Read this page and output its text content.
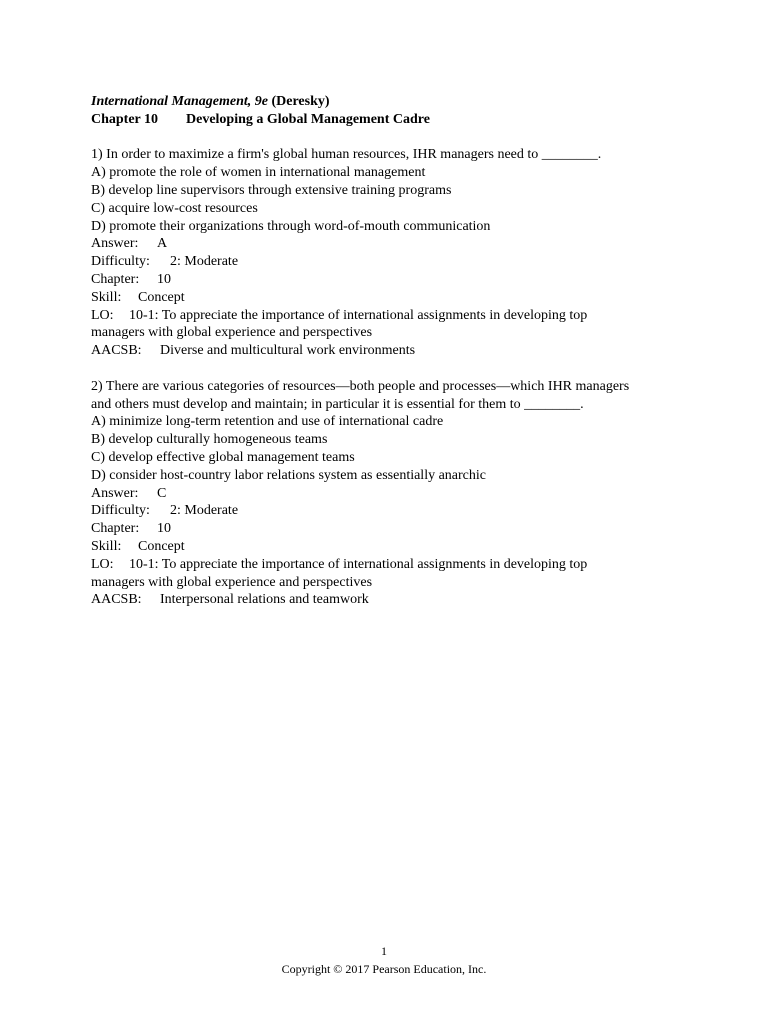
International Management, 9e (Deresky)
Chapter 10 Developing a Global Management Cadre
1) In order to maximize a firm's global human resources, IHR managers need to ________.
A) promote the role of women in international management
B) develop line supervisors through extensive training programs
C) acquire low-cost resources
D) promote their organizations through word-of-mouth communication
Answer: A
Difficulty: 2: Moderate
Chapter: 10
Skill: Concept
LO: 10-1: To appreciate the importance of international assignments in developing top
managers with global experience and perspectives
AACSB: Diverse and multicultural work environments
2) There are various categories of resources—both people and processes—which IHR managers
and others must develop and maintain; in particular it is essential for them to ________.
A) minimize long-term retention and use of international cadre
B) develop culturally homogeneous teams
C) develop effective global management teams
D) consider host-country labor relations system as essentially anarchic
Answer: C
Difficulty: 2: Moderate
Chapter: 10
Skill: Concept
LO: 10-1: To appreciate the importance of international assignments in developing top
managers with global experience and perspectives
AACSB: Interpersonal relations and teamwork
1
Copyright © 2017 Pearson Education, Inc.
